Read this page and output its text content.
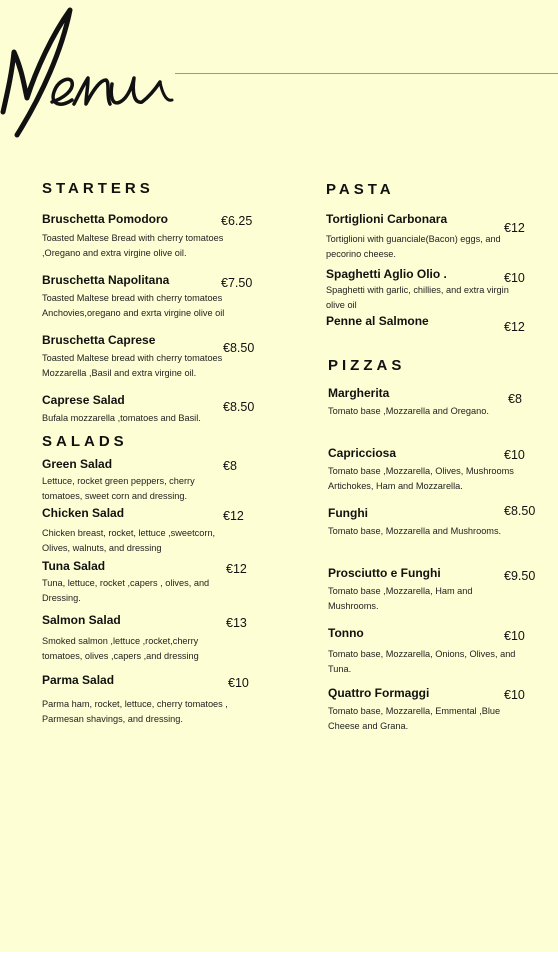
STARTERS
Bruschetta Pomodoro	€6.25
Toasted Maltese Bread with cherry tomatoes
,Oregano and extra virgine olive oil.
Bruschetta Napolitana	€7.50
Toasted Maltese bread with cherry tomatoes
Anchovies,oregano and exrta virgine olive oil
Bruschetta Caprese
€8.50
Toasted Maltese bread with cherry tomatoes
Mozzarella ,Basil and extra virgine oil.
Caprese Salad	€8.50
Bufala mozzarella ,tomatoes and Basil.
SALADS
Green Salad	€8
Lettuce, rocket green peppers, cherry
tomatoes, sweet corn and dressing.
Chicken Salad	€12
Chicken breast, rocket, lettuce ,sweetcorn,
Olives, walnuts, and dressing
Tuna Salad	€12
Tuna, lettuce, rocket ,capers , olives, and
Dressing.
Salmon Salad	€13
Smoked salmon ,lettuce ,rocket,cherry
tomatoes, olives ,capers ,and dressing
Parma Salad	€10
Parma ham, rocket, lettuce, cherry tomatoes ,
Parmesan shavings, and dressing.
PASTA
Tortiglioni Carbonara
€12
Tortiglioni with guanciale(Bacon) eggs, and
pecorino cheese.
Spaghetti Aglio Olio .	€10
Spaghetti with garlic, chillies, and extra virgin
olive oil
Penne al Salmone	€12
PIZZAS
Margherita	€8
Tomato base ,Mozzarella and Oregano.
Capricciosa	€10
Tomato base ,Mozzarella, Olives, Mushrooms
Artichokes, Ham and Mozzarella.
Funghi	€8.50
Tomato base, Mozzarella and Mushrooms.
Prosciutto e Funghi	€9.50
Tomato base ,Mozzarella, Ham and
Mushrooms.
Tonno	€10
Tomato base, Mozzarella, Onions, Olives, and
Tuna.
Quattro Formaggi	€10
Tomato base, Mozzarella, Emmental ,Blue
Cheese and Grana.
